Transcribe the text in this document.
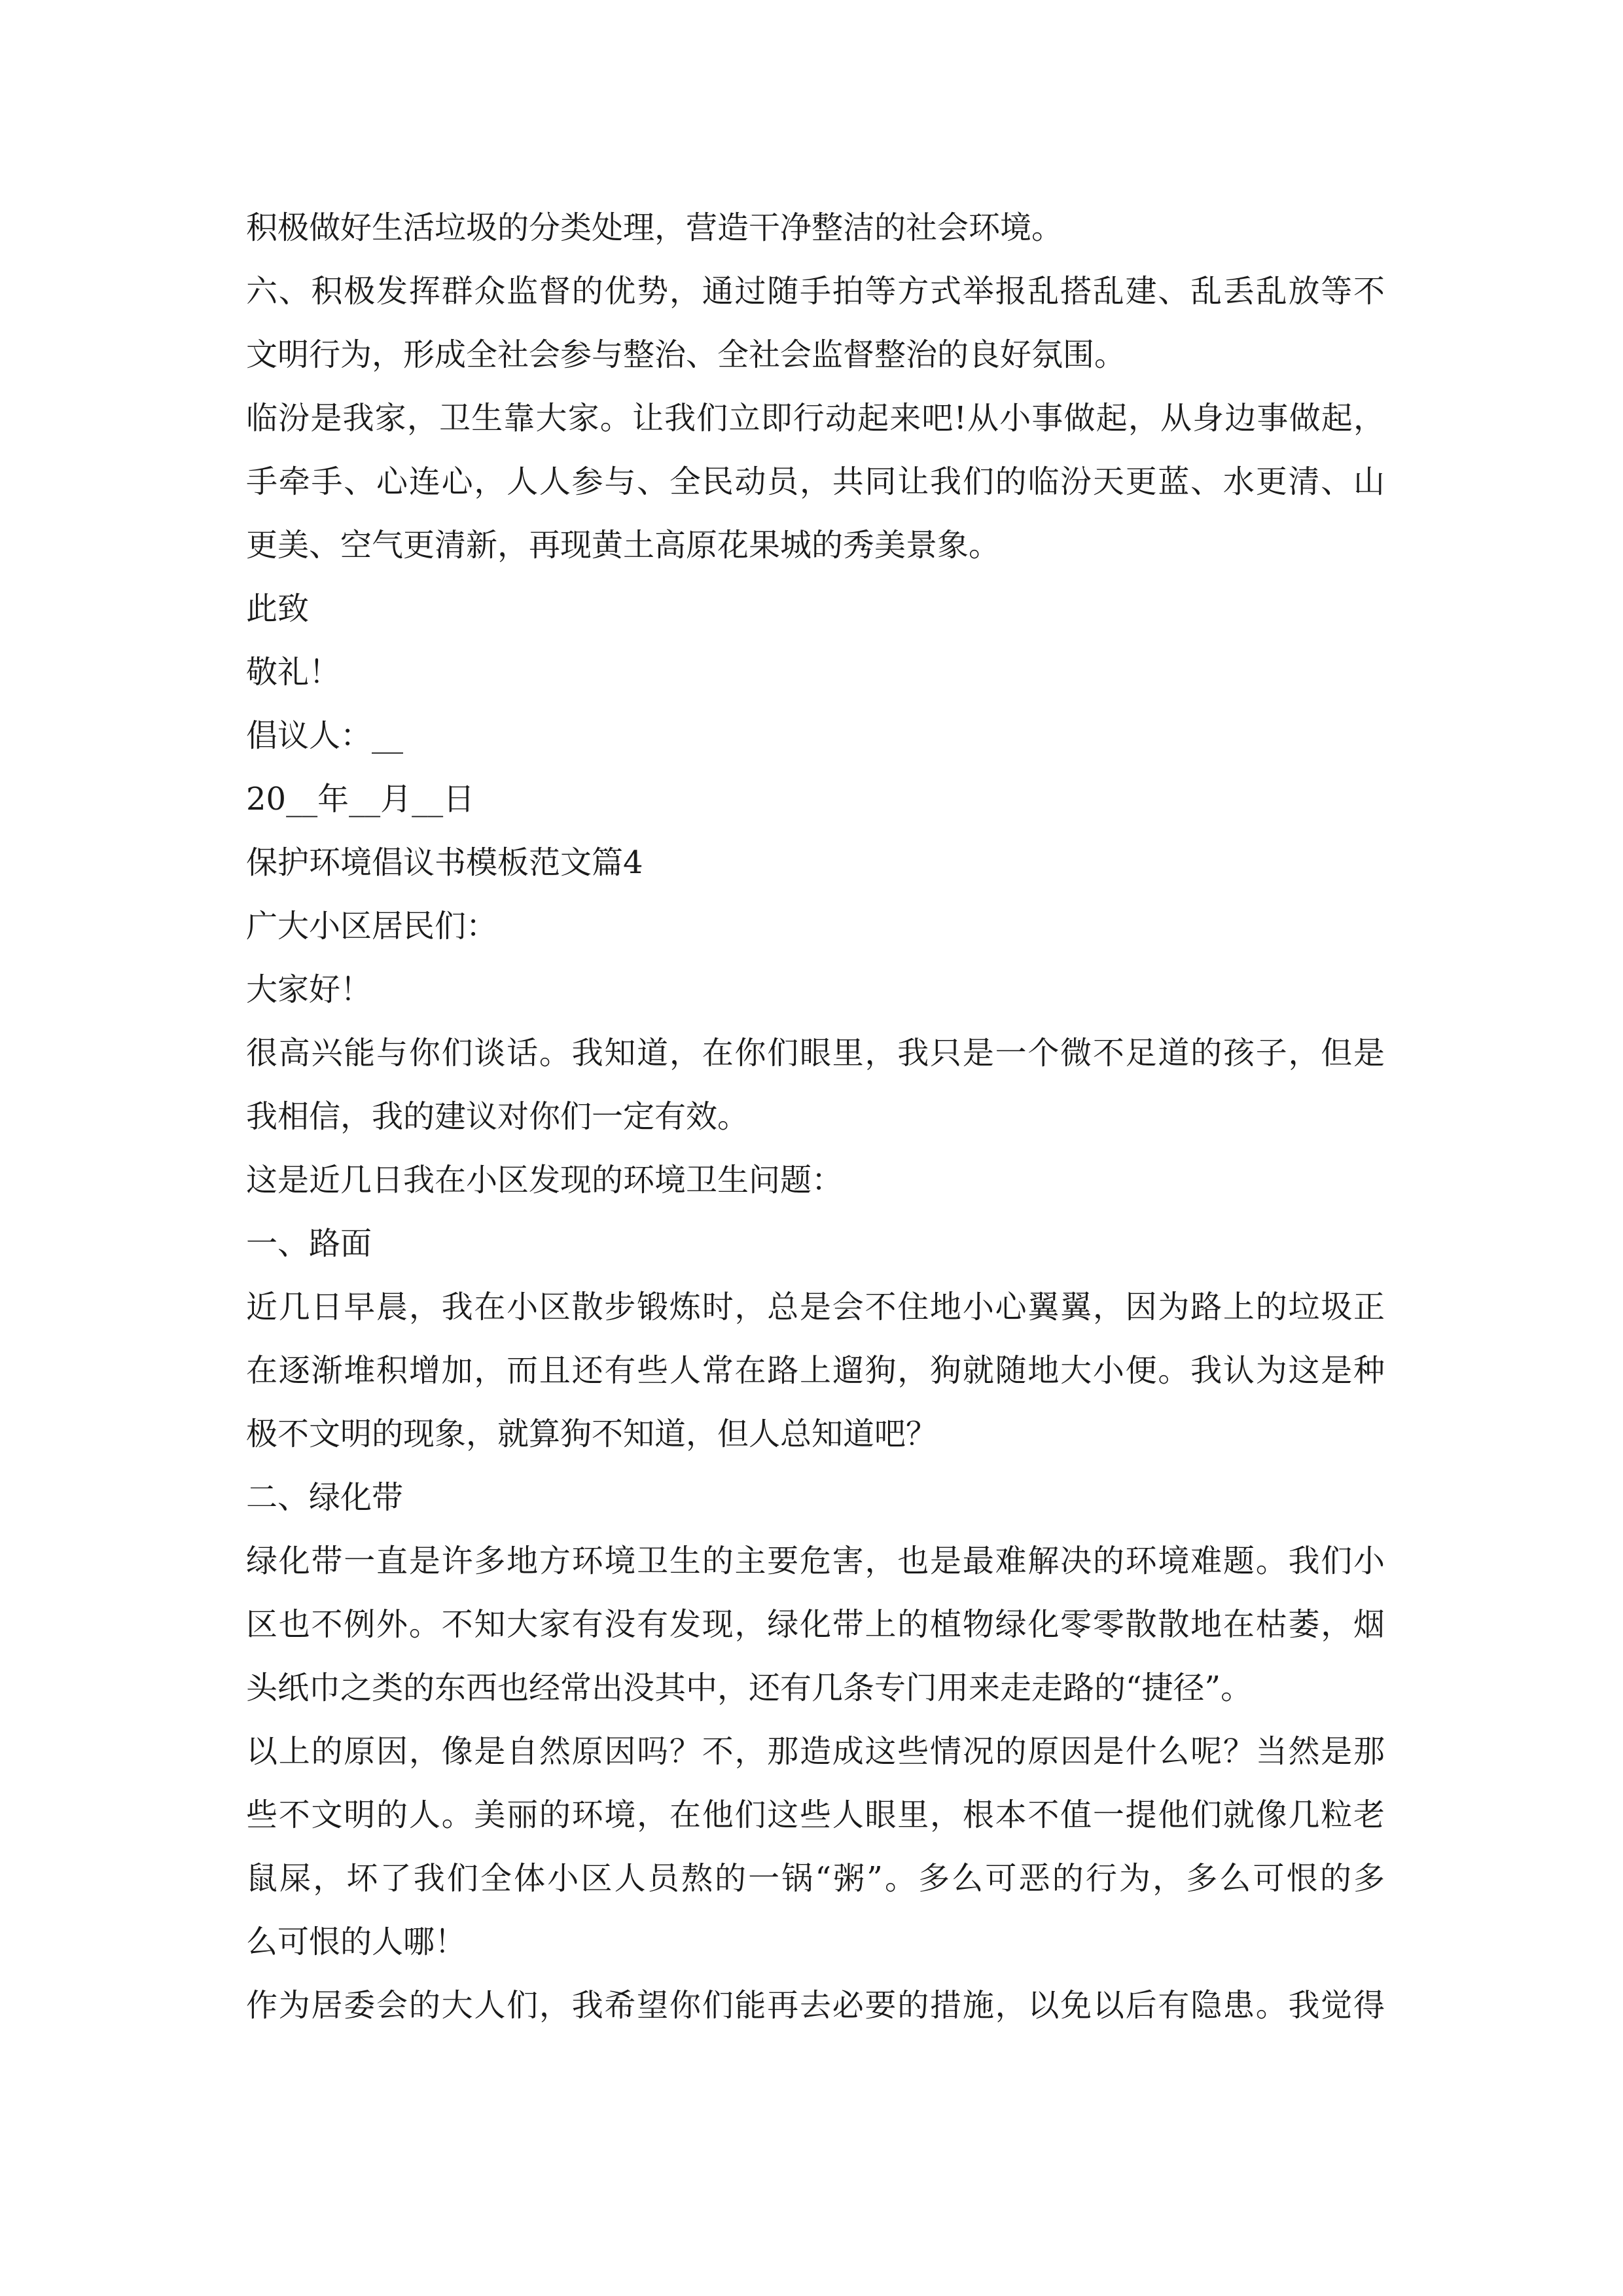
积极做好生活垃圾的分类处理，营造干净整洁的社会环境。
六、积极发挥群众监督的优势，通过随手拍等方式举报乱搭乱建、乱丢乱放等不
文明行为，形成全社会参与整治、全社会监督整治的良好氛围。
临汾是我家，卫生靠大家。让我们立即行动起来吧!从小事做起，从身边事做起，
手牵手、心连心，人人参与、全民动员，共同让我们的临汾天更蓝、水更清、山
更美、空气更清新，再现黄土高原花果城的秀美景象。
此致
敬礼！
倡议人：__
20__年__月__日
保护环境倡议书模板范文篇4
广大小区居民们：
大家好！
很高兴能与你们谈话。我知道，在你们眼里，我只是一个微不足道的孩子，但是
我相信，我的建议对你们一定有效。
这是近几日我在小区发现的环境卫生问题：
一、路面
近几日早晨，我在小区散步锻炼时，总是会不住地小心翼翼，因为路上的垃圾正
在逐渐堆积增加，而且还有些人常在路上遛狗，狗就随地大小便。我认为这是种
极不文明的现象，就算狗不知道，但人总知道吧？
二、绿化带
绿化带一直是许多地方环境卫生的主要危害，也是最难解决的环境难题。我们小
区也不例外。不知大家有没有发现，绿化带上的植物绿化零零散散地在枯萎，烟
头纸巾之类的东西也经常出没其中，还有几条专门用来走走路的“捷径”。
以上的原因，像是自然原因吗？不，那造成这些情况的原因是什么呢？当然是那
些不文明的人。美丽的环境，在他们这些人眼里，根本不值一提他们就像几粒老
鼠屎，坏了我们全体小区人员熬的一锅“粥”。多么可恶的行为，多么可恨的多
么可恨的人哪！
作为居委会的大人们，我希望你们能再去必要的措施，以免以后有隐患。我觉得
